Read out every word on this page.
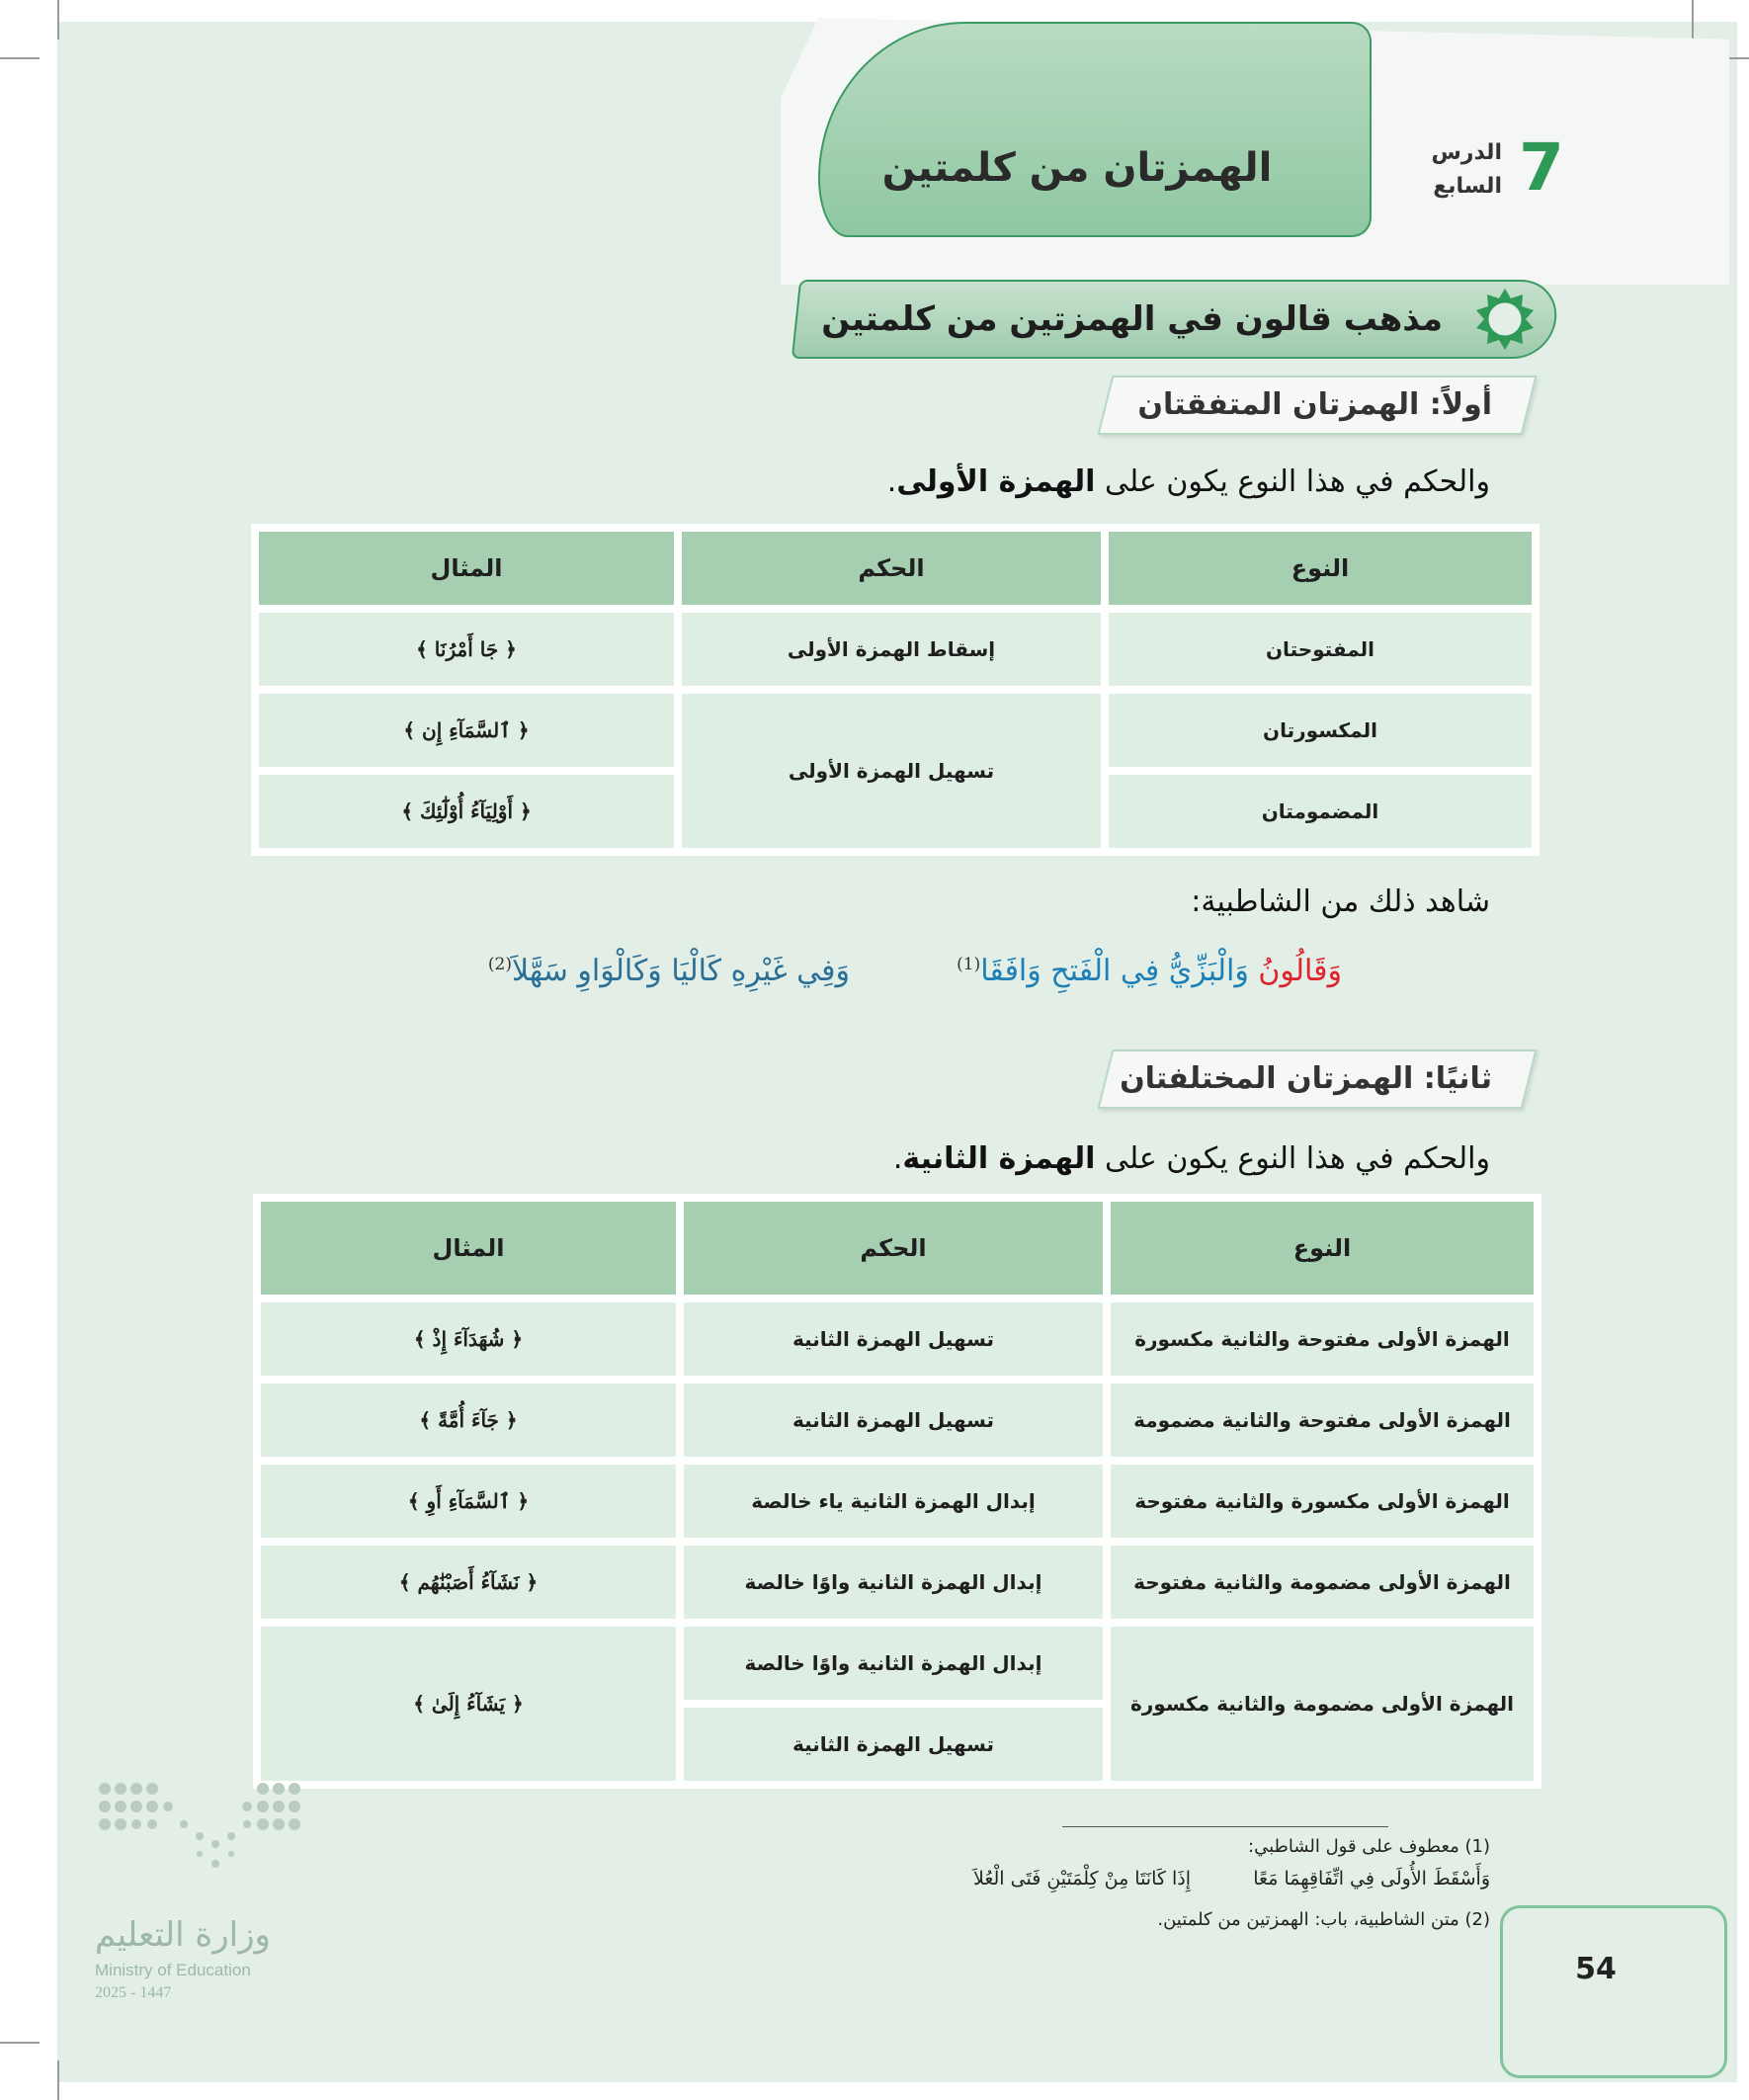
الهمزتان من كلمتين	7
الدرس
السابع
مذهب قالون في الهمزتين من كلمتين
أولاً: الهمزتان المتفقتان
والحكم في هذا النوع يكون على الهمزة الأولى.
النوع	الحكم	المثال
المفتوحتان	إسقاط الهمزة الأولى	﴿ جَا أَمْرُنَا ﴾
المكسورتان	تسهيل الهمزة الأولى	﴿ ٱلسَّمَآءِ إِن ﴾
المضمومتان		﴿ أَوْلِيَآءُ أُوْلَٰٓئِكَ ﴾
شاهد ذلك من الشاطبية:
وَقَالُونُ وَالْبَزِّيُّ فِي الْفَتحِ وَافَقَا$^{(1)}$
وَفِي غَيْرِهِ كَالْيَا وَكَالْوَاوِ سَهَّلاَ$^{(2)}$
ثانيًا: الهمزتان المختلفتان
والحكم في هذا النوع يكون على الهمزة الثانية.
النوع	الحكم	المثال
الهمزة الأولى مفتوحة والثانية مكسورة	تسهيل الهمزة الثانية	﴿ شُهَدَآءَ إِذْ ﴾
الهمزة الأولى مفتوحة والثانية مضمومة	تسهيل الهمزة الثانية	﴿ جَآءَ أُمَّةً ﴾
الهمزة الأولى مكسورة والثانية مفتوحة	إبدال الهمزة الثانية ياء خالصة	﴿ ٱلسَّمَآءِ أَوِ ﴾
الهمزة الأولى مضمومة والثانية مفتوحة	إبدال الهمزة الثانية واوًا خالصة	﴿ نَشَآءُ أَصَبْنَٰهُم ﴾
الهمزة الأولى مضمومة والثانية مكسورة	إبدال الهمزة الثانية واوًا خالصة	﴿ يَشَآءُ إِلَىٰ ﴾
	تسهيل الهمزة الثانية	
(1) معطوف على قول الشاطبي:
وَأَسْقَطَ الأُولَى فِي اتِّفَاقِهِمَا مَعًا
إِذَا كَانَتَا مِنْ كِلْمَتَيْنِ فَتَى الْعُلاَ
(2) متن الشاطبية، باب: الهمزتين من كلمتين.
54
وزارة التعليم
Ministry of Education
2025 - 1447
